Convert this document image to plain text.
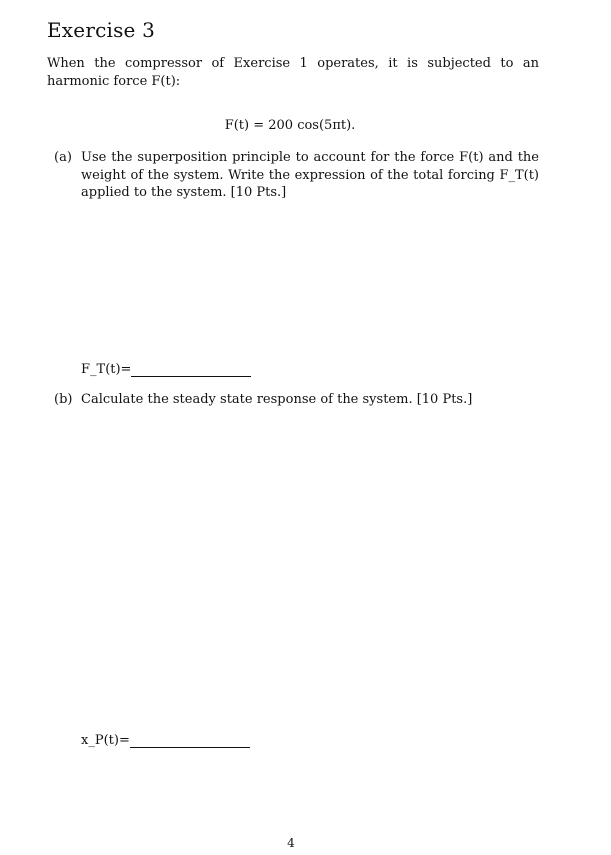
Exercise 3
When the compressor of Exercise 1 operates, it is subjected to an harmonic force F(t):
F(t) = 200 cos(5πt).
(a) Use the superposition principle to account for the force F(t) and the weight of the system. Write the expression of the total forcing F_T(t) applied to the system. [10 Pts.]
F_T(t)=
(b) Calculate the steady state response of the system. [10 Pts.]
x_P(t)=
4
